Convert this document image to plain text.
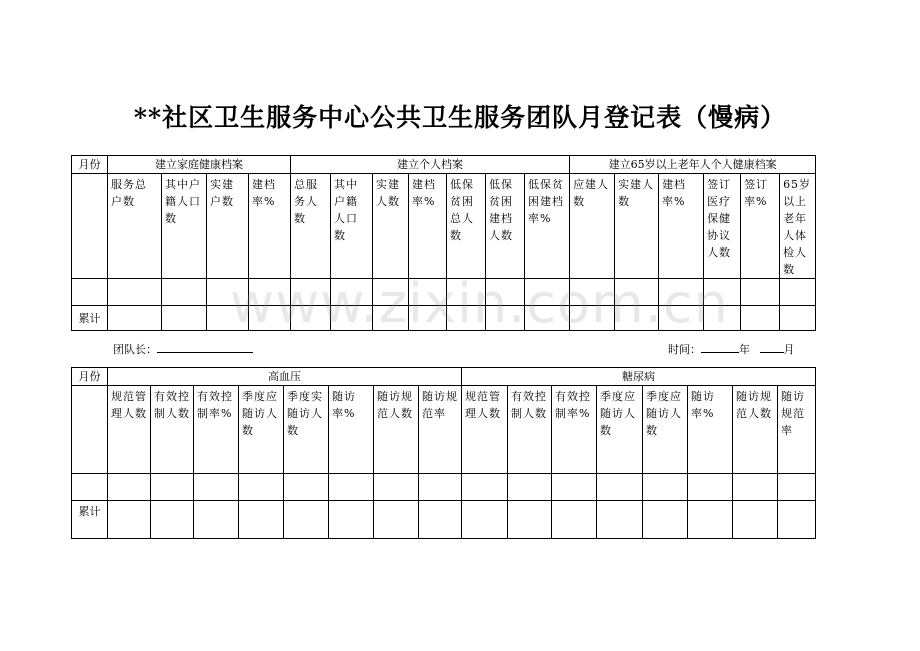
**社区卫生服务中心公共卫生服务团队月登记表（慢病）
月份	建立家庭健康档案				建立个人档案							建立65岁以上老年人个人健康档案					
	服务总户数	其中户籍人口数	实建户数	建档率%	总服务人数	其中户籍人口数	实建人数	建档率%	低保贫困总人数	低保贫困建档人数	低保贫困建档率%	应建人数	实建人数	建档率%	签订医疗保健协议人数	签订率%	65岁以上老年人体检人数

累计																	
团队长：	时间：	年	月
月份	高血压								糖尿病							
	规范管理人数	有效控制人数	有效控制率%	季度应随访人数	季度实随访人数	随访率%	随访规范人数	随访规范率	规范管理人数	有效控制人数	有效控制率%	季度应随访人数	季度应随访人数	随访率%	随访规范人数	随访规范率

累计																
www.zixin.com.cn
